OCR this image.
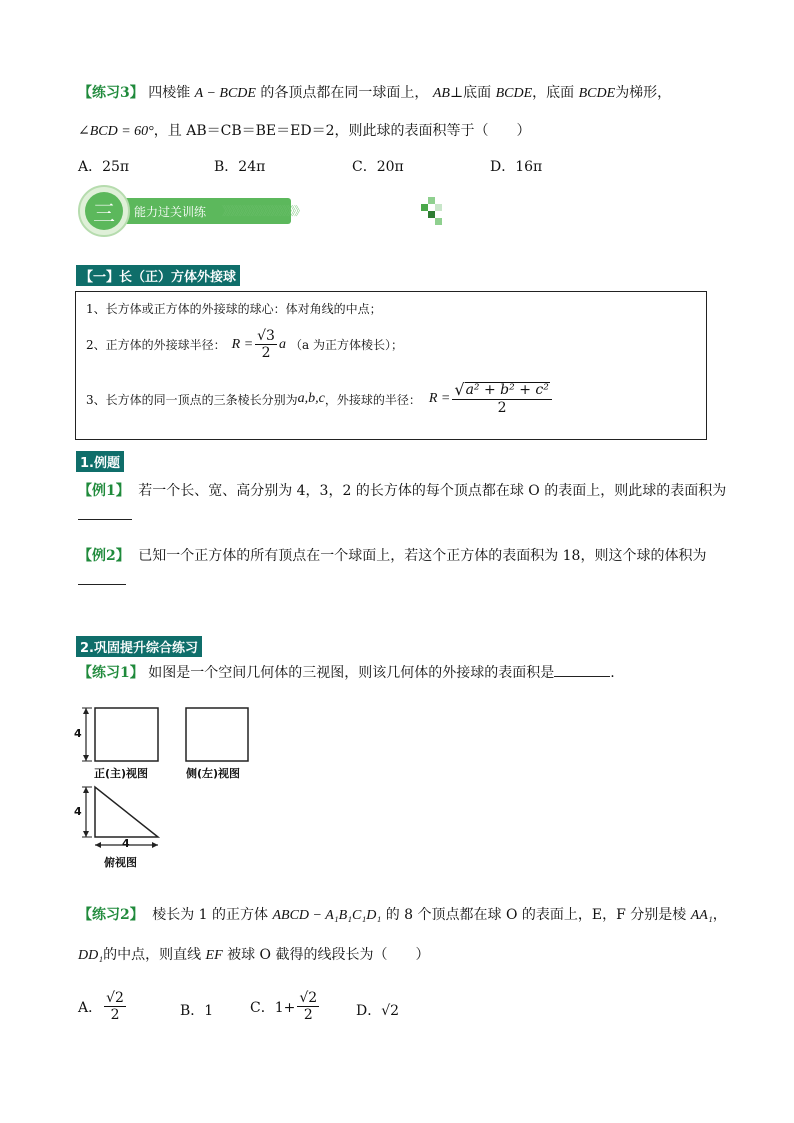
【练习3】 四棱锥 A − BCDE 的各顶点都在同一球面上， AB⊥底面 BCDE，底面 BCDE为梯形，
∠BCD = 60°，且 AB＝CB＝BE＝ED＝2，则此球的表面积等于（　　）
A．25π	B．24π	C．20π	D．16π
三 能力过关训练 》》》》》》》》》》》》》》》》》》》
【一】长（正）方体外接球
1、长方体或正方体的外接球的球心：体对角线的中点；
2、正方体的外接球半径： $R = \frac{√3}{2}$ a （a 为正方体棱长）；
3、长方体的同一顶点的三条棱长分别为 a,b,c ，外接球的半径： $R = \frac{\text{√ a² + b² + c²}}{2}$
1.例题
【例1】 若一个长、宽、高分别为 4，3，2 的长方体的每个顶点都在球 O 的表面上，则此球的表面积为
【例2】 已知一个正方体的所有顶点在一个球面上，若这个正方体的表面积为 18，则这个球的体积为
2.巩固提升综合练习
【练习1】 如图是一个空间几何体的三视图，则该几何体的外接球的表面积是	.
4
4
4
正(主)视图	侧(左)视图
俯视图
【练习2】 棱长为 1 的正方体 ABCD − A₁B₁C₁D₁ 的 8 个顶点都在球 O 的表面上，E，F 分别是棱 AA₁，
DD₁的中点，则直线 EF 被球 O 截得的线段长为（　　）
A． $\frac{√2}{2}$	B．1	C．$1+ \frac{√2}{2}$	D．√2
